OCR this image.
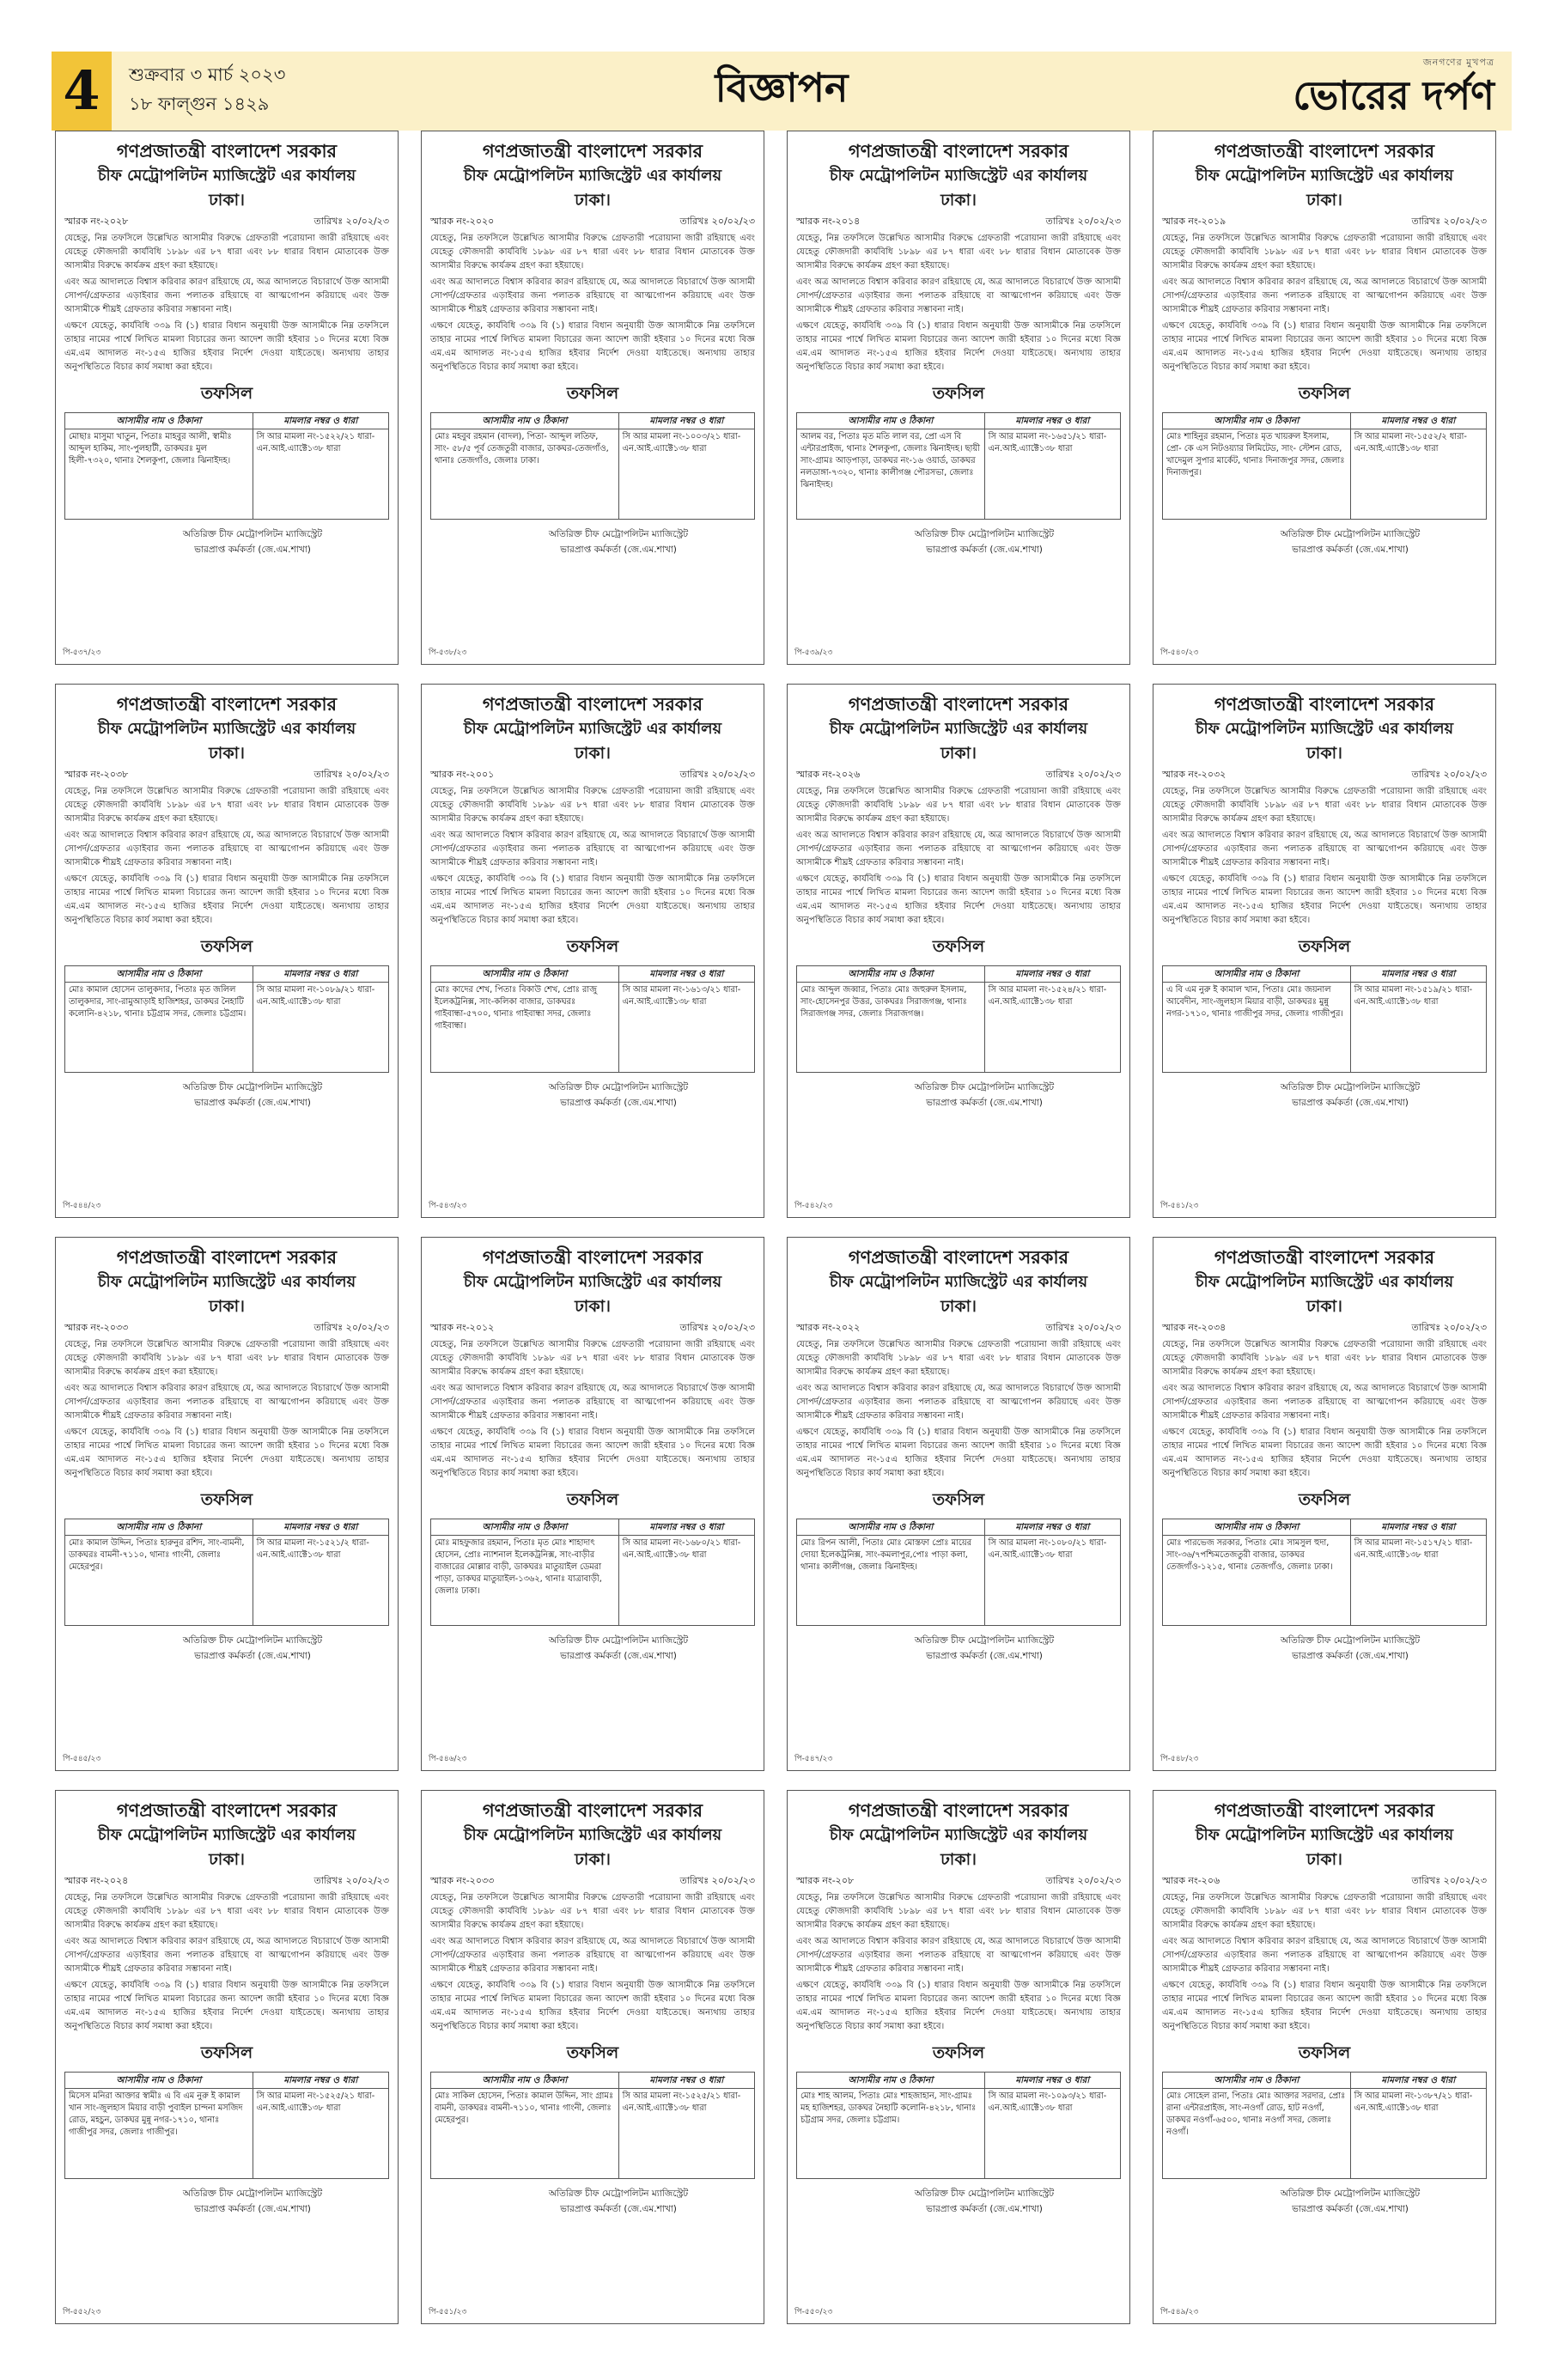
4	শুক্রবার ৩ মার্চ ২০২৩
১৮ ফাল্গুন ১৪২৯	বিজ্ঞাপন
জনগণের মুখপত্র
ভোরের দর্পণ
গণপ্রজাতন্ত্রী বাংলাদেশ সরকার
চীফ মেট্রোপলিটন ম্যাজিস্ট্রেট এর কার্যালয়
ঢাকা।
স্মারক নং-২০২৮	তারিখঃ ২০/০২/২৩

যেহেতু, নিম্ন তফসিলে উল্লেখিত আসামীর বিরুদ্ধে গ্রেফতারী পরোয়ানা জারী রহিয়াছে এবং যেহেতু ফৌজদারী কার্যবিধি ১৮৯৮ এর ৮৭ ধারা এবং ৮৮ ধারার বিধান মোতাবেক উক্ত আসামীর বিরুদ্ধে কার্যক্রম গ্রহণ করা হইয়াছে।

এবং অত্র আদালতে বিশ্বাস করিবার কারণ রহিয়াছে যে, অত্র আদালতে বিচারার্থে উক্ত আসামী সোপর্দ/গ্রেফতার এড়াইবার জন্য পলাতক রহিয়াছে বা আত্মগোপন করিয়াছে এবং উক্ত আসামীকে শীঘ্রই গ্রেফতার করিবার সম্ভাবনা নাই।

এক্ষণে যেহেতু, কার্যবিধি ৩৩৯ বি (১) ধারার বিধান অনুযায়ী উক্ত আসামীকে নিম্ন তফসিলে তাহার নামের পার্শ্বে লিখিত মামলা বিচারের জন্য আদেশ জারী হইবার ১০ দিনের মধ্যে বিজ্ঞ এম.এম আদালত নং-১৫এ হাজির হইবার নির্দেশ দেওয়া যাইতেছে। অন্যথায় তাহার অনুপস্থিতিতে বিচার কার্য সমাধা করা হইবে।

তফসিল
আসামীর নাম ও ঠিকানা	মামলার নম্বর ও ধারা
মোছাঃ মাসুমা খাতুন, পিতাঃ মাহবুর আলী, স্বামীঃ আব্দুল হাকিম, সাং-পুলহাটী, ডাকঘরঃ মুল হিলী-৭৩২০, থানাঃ শৈলকুপা, জেলাঃ ঝিনাইদহ।	সি আর মামলা নং-১৫২২/২১ ধারা-এন.আই.এ্যাক্টে১৩৮ ধারা
অতিরিক্ত চীফ মেট্রোপলিটন ম্যাজিস্ট্রেট
ভারপ্রাপ্ত কর্মকর্তা (জে.এম.শাখা)
পি-৫৩৭/২৩
গণপ্রজাতন্ত্রী বাংলাদেশ সরকার
চীফ মেট্রোপলিটন ম্যাজিস্ট্রেট এর কার্যালয়
ঢাকা।
স্মারক নং-২০২০	তারিখঃ ২০/০২/২৩

যেহেতু, নিম্ন তফসিলে উল্লেখিত আসামীর বিরুদ্ধে গ্রেফতারী পরোয়ানা জারী রহিয়াছে এবং যেহেতু ফৌজদারী কার্যবিধি ১৮৯৮ এর ৮৭ ধারা এবং ৮৮ ধারার বিধান মোতাবেক উক্ত আসামীর বিরুদ্ধে কার্যক্রম গ্রহণ করা হইয়াছে।

এবং অত্র আদালতে বিশ্বাস করিবার কারণ রহিয়াছে যে, অত্র আদালতে বিচারার্থে উক্ত আসামী সোপর্দ/গ্রেফতার এড়াইবার জন্য পলাতক রহিয়াছে বা আত্মগোপন করিয়াছে এবং উক্ত আসামীকে শীঘ্রই গ্রেফতার করিবার সম্ভাবনা নাই।

এক্ষণে যেহেতু, কার্যবিধি ৩৩৯ বি (১) ধারার বিধান অনুযায়ী উক্ত আসামীকে নিম্ন তফসিলে তাহার নামের পার্শ্বে লিখিত মামলা বিচারের জন্য আদেশ জারী হইবার ১০ দিনের মধ্যে বিজ্ঞ এম.এম আদালত নং-১৫এ হাজির হইবার নির্দেশ দেওয়া যাইতেছে। অন্যথায় তাহার অনুপস্থিতিতে বিচার কার্য সমাধা করা হইবে।

তফসিল
আসামীর নাম ও ঠিকানা	মামলার নম্বর ও ধারা
মোঃ মহবুব রহমান (বাদল), পিতা- আব্দুল লতিফ, সাং- ৫৮/৫ পূর্ব তেজতুরী বাজার, ডাকঘর-তেজগাঁও, থানাঃ তেজগাঁও, জেলাঃ ঢাকা।	সি আর মামলা নং-১০০৩/২১ ধারা-এন.আই.এ্যাক্টে১৩৮ ধারা
অতিরিক্ত চীফ মেট্রোপলিটন ম্যাজিস্ট্রেট
ভারপ্রাপ্ত কর্মকর্তা (জে.এম.শাখা)
পি-৫৩৮/২৩
গণপ্রজাতন্ত্রী বাংলাদেশ সরকার
চীফ মেট্রোপলিটন ম্যাজিস্ট্রেট এর কার্যালয়
ঢাকা।
স্মারক নং-২০১৪	তারিখঃ ২০/০২/২৩

যেহেতু, নিম্ন তফসিলে উল্লেখিত আসামীর বিরুদ্ধে গ্রেফতারী পরোয়ানা জারী রহিয়াছে এবং যেহেতু ফৌজদারী কার্যবিধি ১৮৯৮ এর ৮৭ ধারা এবং ৮৮ ধারার বিধান মোতাবেক উক্ত আসামীর বিরুদ্ধে কার্যক্রম গ্রহণ করা হইয়াছে।

এবং অত্র আদালতে বিশ্বাস করিবার কারণ রহিয়াছে যে, অত্র আদালতে বিচারার্থে উক্ত আসামী সোপর্দ/গ্রেফতার এড়াইবার জন্য পলাতক রহিয়াছে বা আত্মগোপন করিয়াছে এবং উক্ত আসামীকে শীঘ্রই গ্রেফতার করিবার সম্ভাবনা নাই।

এক্ষণে যেহেতু, কার্যবিধি ৩৩৯ বি (১) ধারার বিধান অনুযায়ী উক্ত আসামীকে নিম্ন তফসিলে তাহার নামের পার্শ্বে লিখিত মামলা বিচারের জন্য আদেশ জারী হইবার ১০ দিনের মধ্যে বিজ্ঞ এম.এম আদালত নং-১৫এ হাজির হইবার নির্দেশ দেওয়া যাইতেছে। অন্যথায় তাহার অনুপস্থিতিতে বিচার কার্য সমাধা করা হইবে।

তফসিল
আসামীর নাম ও ঠিকানা	মামলার নম্বর ও ধারা
আলম বর, পিতাঃ মৃত মতি লাল বর, প্রো এস বি এন্টারপ্রাইজ, থানাঃ শৈলকুপা, জেলাঃ ঝিনাইদহ। ছায়ী সাং-গ্রামঃ আড়পাড়া, ডাকঘর নং-১৬ ওয়ার্ড, ডাকঘর নলডাঙ্গা-৭৩২০, থানাঃ কালীগঞ্জ পৌরসভা, জেলাঃ ঝিনাইদহ।	সি আর মামলা নং-১৬৫১/২১ ধারা-এন.আই.এ্যাক্টে১৩৮ ধারা
অতিরিক্ত চীফ মেট্রোপলিটন ম্যাজিস্ট্রেট
ভারপ্রাপ্ত কর্মকর্তা (জে.এম.শাখা)
পি-৫৩৯/২৩
গণপ্রজাতন্ত্রী বাংলাদেশ সরকার
চীফ মেট্রোপলিটন ম্যাজিস্ট্রেট এর কার্যালয়
ঢাকা।
স্মারক নং-২০১৯	তারিখঃ ২০/০২/২৩

যেহেতু, নিম্ন তফসিলে উল্লেখিত আসামীর বিরুদ্ধে গ্রেফতারী পরোয়ানা জারী রহিয়াছে এবং যেহেতু ফৌজদারী কার্যবিধি ১৮৯৮ এর ৮৭ ধারা এবং ৮৮ ধারার বিধান মোতাবেক উক্ত আসামীর বিরুদ্ধে কার্যক্রম গ্রহণ করা হইয়াছে।

এবং অত্র আদালতে বিশ্বাস করিবার কারণ রহিয়াছে যে, অত্র আদালতে বিচারার্থে উক্ত আসামী সোপর্দ/গ্রেফতার এড়াইবার জন্য পলাতক রহিয়াছে বা আত্মগোপন করিয়াছে এবং উক্ত আসামীকে শীঘ্রই গ্রেফতার করিবার সম্ভাবনা নাই।

এক্ষণে যেহেতু, কার্যবিধি ৩৩৯ বি (১) ধারার বিধান অনুযায়ী উক্ত আসামীকে নিম্ন তফসিলে তাহার নামের পার্শ্বে লিখিত মামলা বিচারের জন্য আদেশ জারী হইবার ১০ দিনের মধ্যে বিজ্ঞ এম.এম আদালত নং-১৫এ হাজির হইবার নির্দেশ দেওয়া যাইতেছে। অন্যথায় তাহার অনুপস্থিতিতে বিচার কার্য সমাধা করা হইবে।

তফসিল
আসামীর নাম ও ঠিকানা	মামলার নম্বর ও ধারা
মোঃ শাহিনুর রহমান, পিতাঃ মৃত খায়রুল ইসলাম, প্রো- কে এস নিটওয়্যার লিমিটেড, সাং- স্টেশন রোড, খাদেমুল সুপার মার্কেট, থানাঃ দিনাজপুর সদর, জেলাঃ দিনাজপুর।	সি আর মামলা নং-১৫৫২/২ ধারা-এন.আই.এ্যাক্টে১৩৮ ধারা
অতিরিক্ত চীফ মেট্রোপলিটন ম্যাজিস্ট্রেট
ভারপ্রাপ্ত কর্মকর্তা (জে.এম.শাখা)
পি-৫৪০/২৩
গণপ্রজাতন্ত্রী বাংলাদেশ সরকার
চীফ মেট্রোপলিটন ম্যাজিস্ট্রেট এর কার্যালয়
ঢাকা।
স্মারক নং-২০৩৮	তারিখঃ ২০/০২/২৩

যেহেতু, নিম্ন তফসিলে উল্লেখিত আসামীর বিরুদ্ধে গ্রেফতারী পরোয়ানা জারী রহিয়াছে এবং যেহেতু ফৌজদারী কার্যবিধি ১৮৯৮ এর ৮৭ ধারা এবং ৮৮ ধারার বিধান মোতাবেক উক্ত আসামীর বিরুদ্ধে কার্যক্রম গ্রহণ করা হইয়াছে।

এবং অত্র আদালতে বিশ্বাস করিবার কারণ রহিয়াছে যে, অত্র আদালতে বিচারার্থে উক্ত আসামী সোপর্দ/গ্রেফতার এড়াইবার জন্য পলাতক রহিয়াছে বা আত্মগোপন করিয়াছে এবং উক্ত আসামীকে শীঘ্রই গ্রেফতার করিবার সম্ভাবনা নাই।

এক্ষণে যেহেতু, কার্যবিধি ৩৩৯ বি (১) ধারার বিধান অনুযায়ী উক্ত আসামীকে নিম্ন তফসিলে তাহার নামের পার্শ্বে লিখিত মামলা বিচারের জন্য আদেশ জারী হইবার ১০ দিনের মধ্যে বিজ্ঞ এম.এম আদালত নং-১৫এ হাজির হইবার নির্দেশ দেওয়া যাইতেছে। অন্যথায় তাহার অনুপস্থিতিতে বিচার কার্য সমাধা করা হইবে।

তফসিল
আসামীর নাম ও ঠিকানা	মামলার নম্বর ও ধারা
মোঃ কামাল হোসেন তালুকদার, পিতাঃ মৃত জলিল তালুকদার, সাং-রামুআড়াই হাজিশহর, ডাকঘর নৈহাটি কলোনি-৪২১৮, থানাঃ চট্টগ্রাম সদর, জেলাঃ চট্টগ্রাম।	সি আর মামলা নং-১০৮৯/২১ ধারা-এন.আই.এ্যাক্টে১৩৮ ধারা
অতিরিক্ত চীফ মেট্রোপলিটন ম্যাজিস্ট্রেট
ভারপ্রাপ্ত কর্মকর্তা (জে.এম.শাখা)
পি-৫৪৪/২৩
গণপ্রজাতন্ত্রী বাংলাদেশ সরকার
চীফ মেট্রোপলিটন ম্যাজিস্ট্রেট এর কার্যালয়
ঢাকা।
স্মারক নং-২০০১	তারিখঃ ২০/০২/২৩

যেহেতু, নিম্ন তফসিলে উল্লেখিত আসামীর বিরুদ্ধে গ্রেফতারী পরোয়ানা জারী রহিয়াছে এবং যেহেতু ফৌজদারী কার্যবিধি ১৮৯৮ এর ৮৭ ধারা এবং ৮৮ ধারার বিধান মোতাবেক উক্ত আসামীর বিরুদ্ধে কার্যক্রম গ্রহণ করা হইয়াছে।

এবং অত্র আদালতে বিশ্বাস করিবার কারণ রহিয়াছে যে, অত্র আদালতে বিচারার্থে উক্ত আসামী সোপর্দ/গ্রেফতার এড়াইবার জন্য পলাতক রহিয়াছে বা আত্মগোপন করিয়াছে এবং উক্ত আসামীকে শীঘ্রই গ্রেফতার করিবার সম্ভাবনা নাই।

এক্ষণে যেহেতু, কার্যবিধি ৩৩৯ বি (১) ধারার বিধান অনুযায়ী উক্ত আসামীকে নিম্ন তফসিলে তাহার নামের পার্শ্বে লিখিত মামলা বিচারের জন্য আদেশ জারী হইবার ১০ দিনের মধ্যে বিজ্ঞ এম.এম আদালত নং-১৫এ হাজির হইবার নির্দেশ দেওয়া যাইতেছে। অন্যথায় তাহার অনুপস্থিতিতে বিচার কার্য সমাধা করা হইবে।

তফসিল
আসামীর নাম ও ঠিকানা	মামলার নম্বর ও ধারা
মোঃ কাদের শেখ, পিতাঃ বিকাউ শেখ, প্রোঃ রাজু ইলেকট্রনিক্স, সাং-কলিকা বাজার, ডাকঘরঃ গাইবান্ধা-৫৭০০, থানাঃ গাইবান্ধা সদর, জেলাঃ গাইবান্ধা।	সি আর মামলা নং-১৬১৩/২১ ধারা-এন.আই.এ্যাক্টে১৩৮ ধারা
অতিরিক্ত চীফ মেট্রোপলিটন ম্যাজিস্ট্রেট
ভারপ্রাপ্ত কর্মকর্তা (জে.এম.শাখা)
পি-৫৪৩/২৩
গণপ্রজাতন্ত্রী বাংলাদেশ সরকার
চীফ মেট্রোপলিটন ম্যাজিস্ট্রেট এর কার্যালয়
ঢাকা।
স্মারক নং-২০২৬	তারিখঃ ২০/০২/২৩

যেহেতু, নিম্ন তফসিলে উল্লেখিত আসামীর বিরুদ্ধে গ্রেফতারী পরোয়ানা জারী রহিয়াছে এবং যেহেতু ফৌজদারী কার্যবিধি ১৮৯৮ এর ৮৭ ধারা এবং ৮৮ ধারার বিধান মোতাবেক উক্ত আসামীর বিরুদ্ধে কার্যক্রম গ্রহণ করা হইয়াছে।

এবং অত্র আদালতে বিশ্বাস করিবার কারণ রহিয়াছে যে, অত্র আদালতে বিচারার্থে উক্ত আসামী সোপর্দ/গ্রেফতার এড়াইবার জন্য পলাতক রহিয়াছে বা আত্মগোপন করিয়াছে এবং উক্ত আসামীকে শীঘ্রই গ্রেফতার করিবার সম্ভাবনা নাই।

এক্ষণে যেহেতু, কার্যবিধি ৩৩৯ বি (১) ধারার বিধান অনুযায়ী উক্ত আসামীকে নিম্ন তফসিলে তাহার নামের পার্শ্বে লিখিত মামলা বিচারের জন্য আদেশ জারী হইবার ১০ দিনের মধ্যে বিজ্ঞ এম.এম আদালত নং-১৫এ হাজির হইবার নির্দেশ দেওয়া যাইতেছে। অন্যথায় তাহার অনুপস্থিতিতে বিচার কার্য সমাধা করা হইবে।

তফসিল
আসামীর নাম ও ঠিকানা	মামলার নম্বর ও ধারা
মোঃ আব্দুল জব্বার, পিতাঃ মোঃ জহুরুল ইসলাম, সাং-হোসেনপুর উত্তর, ডাকঘরঃ সিরাজগঞ্জ, থানাঃ সিরাজগঞ্জ সদর, জেলাঃ সিরাজগঞ্জ।	সি আর মামলা নং-১৫২৪/২১ ধারা-এন.আই.এ্যাক্টে১৩৮ ধারা
অতিরিক্ত চীফ মেট্রোপলিটন ম্যাজিস্ট্রেট
ভারপ্রাপ্ত কর্মকর্তা (জে.এম.শাখা)
পি-৫৪২/২৩
গণপ্রজাতন্ত্রী বাংলাদেশ সরকার
চীফ মেট্রোপলিটন ম্যাজিস্ট্রেট এর কার্যালয়
ঢাকা।
স্মারক নং-২০৩২	তারিখঃ ২০/০২/২৩

যেহেতু, নিম্ন তফসিলে উল্লেখিত আসামীর বিরুদ্ধে গ্রেফতারী পরোয়ানা জারী রহিয়াছে এবং যেহেতু ফৌজদারী কার্যবিধি ১৮৯৮ এর ৮৭ ধারা এবং ৮৮ ধারার বিধান মোতাবেক উক্ত আসামীর বিরুদ্ধে কার্যক্রম গ্রহণ করা হইয়াছে।

এবং অত্র আদালতে বিশ্বাস করিবার কারণ রহিয়াছে যে, অত্র আদালতে বিচারার্থে উক্ত আসামী সোপর্দ/গ্রেফতার এড়াইবার জন্য পলাতক রহিয়াছে বা আত্মগোপন করিয়াছে এবং উক্ত আসামীকে শীঘ্রই গ্রেফতার করিবার সম্ভাবনা নাই।

এক্ষণে যেহেতু, কার্যবিধি ৩৩৯ বি (১) ধারার বিধান অনুযায়ী উক্ত আসামীকে নিম্ন তফসিলে তাহার নামের পার্শ্বে লিখিত মামলা বিচারের জন্য আদেশ জারী হইবার ১০ দিনের মধ্যে বিজ্ঞ এম.এম আদালত নং-১৫এ হাজির হইবার নির্দেশ দেওয়া যাইতেছে। অন্যথায় তাহার অনুপস্থিতিতে বিচার কার্য সমাধা করা হইবে।

তফসিল
আসামীর নাম ও ঠিকানা	মামলার নম্বর ও ধারা
এ বি এম নুরু ই কামাল খান, পিতাঃ মোঃ জয়নাল আবেদীন, সাং-জুলহাস মিয়ার বাড়ী, ডাকঘরঃ মুন্নু নগর-১৭১০, থানাঃ গাজীপুর সদর, জেলাঃ গাজীপুর।	সি আর মামলা নং-১৫১৯/২১ ধারা-এন.আই.এ্যাক্টে১৩৮ ধারা
অতিরিক্ত চীফ মেট্রোপলিটন ম্যাজিস্ট্রেট
ভারপ্রাপ্ত কর্মকর্তা (জে.এম.শাখা)
পি-৫৪১/২৩
গণপ্রজাতন্ত্রী বাংলাদেশ সরকার
চীফ মেট্রোপলিটন ম্যাজিস্ট্রেট এর কার্যালয়
ঢাকা।
স্মারক নং-২০৩৩	তারিখঃ ২০/০২/২৩

যেহেতু, নিম্ন তফসিলে উল্লেখিত আসামীর বিরুদ্ধে গ্রেফতারী পরোয়ানা জারী রহিয়াছে এবং যেহেতু ফৌজদারী কার্যবিধি ১৮৯৮ এর ৮৭ ধারা এবং ৮৮ ধারার বিধান মোতাবেক উক্ত আসামীর বিরুদ্ধে কার্যক্রম গ্রহণ করা হইয়াছে।

এবং অত্র আদালতে বিশ্বাস করিবার কারণ রহিয়াছে যে, অত্র আদালতে বিচারার্থে উক্ত আসামী সোপর্দ/গ্রেফতার এড়াইবার জন্য পলাতক রহিয়াছে বা আত্মগোপন করিয়াছে এবং উক্ত আসামীকে শীঘ্রই গ্রেফতার করিবার সম্ভাবনা নাই।

এক্ষণে যেহেতু, কার্যবিধি ৩৩৯ বি (১) ধারার বিধান অনুযায়ী উক্ত আসামীকে নিম্ন তফসিলে তাহার নামের পার্শ্বে লিখিত মামলা বিচারের জন্য আদেশ জারী হইবার ১০ দিনের মধ্যে বিজ্ঞ এম.এম আদালত নং-১৫এ হাজির হইবার নির্দেশ দেওয়া যাইতেছে। অন্যথায় তাহার অনুপস্থিতিতে বিচার কার্য সমাধা করা হইবে।

তফসিল
আসামীর নাম ও ঠিকানা	মামলার নম্বর ও ধারা
মোঃ কামাল উদ্দিন, পিতাঃ হারুনুর রশিদ, সাং-বামনী, ডাকঘরঃ বামনী-৭১১০, থানাঃ গাংনী, জেলাঃ মেহেরপুর।	সি আর মামলা নং-১৫২১/২ ধারা-এন.আই.এ্যাক্টে১৩৮ ধারা
অতিরিক্ত চীফ মেট্রোপলিটন ম্যাজিস্ট্রেট
ভারপ্রাপ্ত কর্মকর্তা (জে.এম.শাখা)
পি-৫৪৫/২৩
গণপ্রজাতন্ত্রী বাংলাদেশ সরকার
চীফ মেট্রোপলিটন ম্যাজিস্ট্রেট এর কার্যালয়
ঢাকা।
স্মারক নং-২০১২	তারিখঃ ২০/০২/২৩

যেহেতু, নিম্ন তফসিলে উল্লেখিত আসামীর বিরুদ্ধে গ্রেফতারী পরোয়ানা জারী রহিয়াছে এবং যেহেতু ফৌজদারী কার্যবিধি ১৮৯৮ এর ৮৭ ধারা এবং ৮৮ ধারার বিধান মোতাবেক উক্ত আসামীর বিরুদ্ধে কার্যক্রম গ্রহণ করা হইয়াছে।

এবং অত্র আদালতে বিশ্বাস করিবার কারণ রহিয়াছে যে, অত্র আদালতে বিচারার্থে উক্ত আসামী সোপর্দ/গ্রেফতার এড়াইবার জন্য পলাতক রহিয়াছে বা আত্মগোপন করিয়াছে এবং উক্ত আসামীকে শীঘ্রই গ্রেফতার করিবার সম্ভাবনা নাই।

এক্ষণে যেহেতু, কার্যবিধি ৩৩৯ বি (১) ধারার বিধান অনুযায়ী উক্ত আসামীকে নিম্ন তফসিলে তাহার নামের পার্শ্বে লিখিত মামলা বিচারের জন্য আদেশ জারী হইবার ১০ দিনের মধ্যে বিজ্ঞ এম.এম আদালত নং-১৫এ হাজির হইবার নির্দেশ দেওয়া যাইতেছে। অন্যথায় তাহার অনুপস্থিতিতে বিচার কার্য সমাধা করা হইবে।

তফসিল
আসামীর নাম ও ঠিকানা	মামলার নম্বর ও ধারা
মোঃ মাহফুজার রহমান, পিতাঃ মৃত মোঃ শাহাদাৎ হোসেন, প্রোঃ ন্যাশনাল ইলেকট্রনিক্স, সাং-বাড়ীর বাজারের মোল্লার বাড়ী, ডাকঘরঃ মাতুয়াইল ডেমরা পাড়া, ডাকঘর মাতুয়াইল-১৩৬২, থানাঃ যাত্রাবাড়ী, জেলাঃ ঢাকা।	সি আর মামলা নং-১৬৮০/২১ ধারা-এন.আই.এ্যাক্টে১৩৮ ধারা
অতিরিক্ত চীফ মেট্রোপলিটন ম্যাজিস্ট্রেট
ভারপ্রাপ্ত কর্মকর্তা (জে.এম.শাখা)
পি-৫৪৬/২৩
গণপ্রজাতন্ত্রী বাংলাদেশ সরকার
চীফ মেট্রোপলিটন ম্যাজিস্ট্রেট এর কার্যালয়
ঢাকা।
স্মারক নং-২০২২	তারিখঃ ২০/০২/২৩

যেহেতু, নিম্ন তফসিলে উল্লেখিত আসামীর বিরুদ্ধে গ্রেফতারী পরোয়ানা জারী রহিয়াছে এবং যেহেতু ফৌজদারী কার্যবিধি ১৮৯৮ এর ৮৭ ধারা এবং ৮৮ ধারার বিধান মোতাবেক উক্ত আসামীর বিরুদ্ধে কার্যক্রম গ্রহণ করা হইয়াছে।

এবং অত্র আদালতে বিশ্বাস করিবার কারণ রহিয়াছে যে, অত্র আদালতে বিচারার্থে উক্ত আসামী সোপর্দ/গ্রেফতার এড়াইবার জন্য পলাতক রহিয়াছে বা আত্মগোপন করিয়াছে এবং উক্ত আসামীকে শীঘ্রই গ্রেফতার করিবার সম্ভাবনা নাই।

এক্ষণে যেহেতু, কার্যবিধি ৩৩৯ বি (১) ধারার বিধান অনুযায়ী উক্ত আসামীকে নিম্ন তফসিলে তাহার নামের পার্শ্বে লিখিত মামলা বিচারের জন্য আদেশ জারী হইবার ১০ দিনের মধ্যে বিজ্ঞ এম.এম আদালত নং-১৫এ হাজির হইবার নির্দেশ দেওয়া যাইতেছে। অন্যথায় তাহার অনুপস্থিতিতে বিচার কার্য সমাধা করা হইবে।

তফসিল
আসামীর নাম ও ঠিকানা	মামলার নম্বর ও ধারা
মোঃ রিপন আলী, পিতাঃ মোঃ মোস্তফা প্রোঃ মায়ের দোয়া ইলেকট্রনিক্স, সাং-কমলাপুর,পোঃ পাড়া কলা, থানাঃ কালীগঞ্জ, জেলাঃ ঝিনাইদহ।	সি আর মামলা নং-১০৮০/২১ ধারা-এন.আই.এ্যাক্টে১৩৮ ধারা
অতিরিক্ত চীফ মেট্রোপলিটন ম্যাজিস্ট্রেট
ভারপ্রাপ্ত কর্মকর্তা (জে.এম.শাখা)
পি-৫৪৭/২৩
গণপ্রজাতন্ত্রী বাংলাদেশ সরকার
চীফ মেট্রোপলিটন ম্যাজিস্ট্রেট এর কার্যালয়
ঢাকা।
স্মারক নং-২০৩৪	তারিখঃ ২০/০২/২৩

যেহেতু, নিম্ন তফসিলে উল্লেখিত আসামীর বিরুদ্ধে গ্রেফতারী পরোয়ানা জারী রহিয়াছে এবং যেহেতু ফৌজদারী কার্যবিধি ১৮৯৮ এর ৮৭ ধারা এবং ৮৮ ধারার বিধান মোতাবেক উক্ত আসামীর বিরুদ্ধে কার্যক্রম গ্রহণ করা হইয়াছে।

এবং অত্র আদালতে বিশ্বাস করিবার কারণ রহিয়াছে যে, অত্র আদালতে বিচারার্থে উক্ত আসামী সোপর্দ/গ্রেফতার এড়াইবার জন্য পলাতক রহিয়াছে বা আত্মগোপন করিয়াছে এবং উক্ত আসামীকে শীঘ্রই গ্রেফতার করিবার সম্ভাবনা নাই।

এক্ষণে যেহেতু, কার্যবিধি ৩৩৯ বি (১) ধারার বিধান অনুযায়ী উক্ত আসামীকে নিম্ন তফসিলে তাহার নামের পার্শ্বে লিখিত মামলা বিচারের জন্য আদেশ জারী হইবার ১০ দিনের মধ্যে বিজ্ঞ এম.এম আদালত নং-১৫এ হাজির হইবার নির্দেশ দেওয়া যাইতেছে। অন্যথায় তাহার অনুপস্থিতিতে বিচার কার্য সমাধা করা হইবে।

তফসিল
আসামীর নাম ও ঠিকানা	মামলার নম্বর ও ধারা
মোঃ পারভেজ সরকার, পিতাঃ মোঃ সামসুল হুদা, সাং-৩৬/৭পশ্চিমতেজতুরী বাজার, ডাকঘর তেজগাঁও-১২১৫, থানাঃ তেজগাঁও, জেলাঃ ঢাকা।	সি আর মামলা নং-১৫১৭/২১ ধারা-এন.আই.এ্যাক্টে১৩৮ ধারা
অতিরিক্ত চীফ মেট্রোপলিটন ম্যাজিস্ট্রেট
ভারপ্রাপ্ত কর্মকর্তা (জে.এম.শাখা)
পি-৫৪৮/২৩
গণপ্রজাতন্ত্রী বাংলাদেশ সরকার
চীফ মেট্রোপলিটন ম্যাজিস্ট্রেট এর কার্যালয়
ঢাকা।
স্মারক নং-২০২৪	তারিখঃ ২০/০২/২৩

যেহেতু, নিম্ন তফসিলে উল্লেখিত আসামীর বিরুদ্ধে গ্রেফতারী পরোয়ানা জারী রহিয়াছে এবং যেহেতু ফৌজদারী কার্যবিধি ১৮৯৮ এর ৮৭ ধারা এবং ৮৮ ধারার বিধান মোতাবেক উক্ত আসামীর বিরুদ্ধে কার্যক্রম গ্রহণ করা হইয়াছে।

এবং অত্র আদালতে বিশ্বাস করিবার কারণ রহিয়াছে যে, অত্র আদালতে বিচারার্থে উক্ত আসামী সোপর্দ/গ্রেফতার এড়াইবার জন্য পলাতক রহিয়াছে বা আত্মগোপন করিয়াছে এবং উক্ত আসামীকে শীঘ্রই গ্রেফতার করিবার সম্ভাবনা নাই।

এক্ষণে যেহেতু, কার্যবিধি ৩৩৯ বি (১) ধারার বিধান অনুযায়ী উক্ত আসামীকে নিম্ন তফসিলে তাহার নামের পার্শ্বে লিখিত মামলা বিচারের জন্য আদেশ জারী হইবার ১০ দিনের মধ্যে বিজ্ঞ এম.এম আদালত নং-১৫এ হাজির হইবার নির্দেশ দেওয়া যাইতেছে। অন্যথায় তাহার অনুপস্থিতিতে বিচার কার্য সমাধা করা হইবে।

তফসিল
আসামীর নাম ও ঠিকানা	মামলার নম্বর ও ধারা
মিসেস মনিরা আক্তার স্বামীঃ এ বি এম নুরু ই কামাল খান সাং-জুলহাস মিয়ার বাড়ী পুবাইল চান্দনা মসজিদ রোড, মহচুন, ডাকঘর মুন্নু নগর-১৭১০, থানাঃ গাজীপুর সদর, জেলাঃ গাজীপুর।	সি আর মামলা নং-১৫২৫/২১ ধারা-এন.আই.এ্যাক্টে১৩৮ ধারা
অতিরিক্ত চীফ মেট্রোপলিটন ম্যাজিস্ট্রেট
ভারপ্রাপ্ত কর্মকর্তা (জে.এম.শাখা)
পি-৫৫২/২৩
গণপ্রজাতন্ত্রী বাংলাদেশ সরকার
চীফ মেট্রোপলিটন ম্যাজিস্ট্রেট এর কার্যালয়
ঢাকা।
স্মারক নং-২০৩৩	তারিখঃ ২০/০২/২৩

যেহেতু, নিম্ন তফসিলে উল্লেখিত আসামীর বিরুদ্ধে গ্রেফতারী পরোয়ানা জারী রহিয়াছে এবং যেহেতু ফৌজদারী কার্যবিধি ১৮৯৮ এর ৮৭ ধারা এবং ৮৮ ধারার বিধান মোতাবেক উক্ত আসামীর বিরুদ্ধে কার্যক্রম গ্রহণ করা হইয়াছে।

এবং অত্র আদালতে বিশ্বাস করিবার কারণ রহিয়াছে যে, অত্র আদালতে বিচারার্থে উক্ত আসামী সোপর্দ/গ্রেফতার এড়াইবার জন্য পলাতক রহিয়াছে বা আত্মগোপন করিয়াছে এবং উক্ত আসামীকে শীঘ্রই গ্রেফতার করিবার সম্ভাবনা নাই।

এক্ষণে যেহেতু, কার্যবিধি ৩৩৯ বি (১) ধারার বিধান অনুযায়ী উক্ত আসামীকে নিম্ন তফসিলে তাহার নামের পার্শ্বে লিখিত মামলা বিচারের জন্য আদেশ জারী হইবার ১০ দিনের মধ্যে বিজ্ঞ এম.এম আদালত নং-১৫এ হাজির হইবার নির্দেশ দেওয়া যাইতেছে। অন্যথায় তাহার অনুপস্থিতিতে বিচার কার্য সমাধা করা হইবে।

তফসিল
আসামীর নাম ও ঠিকানা	মামলার নম্বর ও ধারা
মোঃ সাকিল হোসেন, পিতাঃ কামাল উদ্দিন, সাং গ্রামঃ বামনী, ডাকঘরঃ বামনী-৭১১০, থানাঃ গাংনী, জেলাঃ মেহেরপুর।	সি আর মামলা নং-১৫২৫/২১ ধারা-এন.আই.এ্যাক্টে১৩৮ ধারা
অতিরিক্ত চীফ মেট্রোপলিটন ম্যাজিস্ট্রেট
ভারপ্রাপ্ত কর্মকর্তা (জে.এম.শাখা)
পি-৫৫১/২৩
গণপ্রজাতন্ত্রী বাংলাদেশ সরকার
চীফ মেট্রোপলিটন ম্যাজিস্ট্রেট এর কার্যালয়
ঢাকা।
স্মারক নং-২০৮	তারিখঃ ২০/০২/২৩

যেহেতু, নিম্ন তফসিলে উল্লেখিত আসামীর বিরুদ্ধে গ্রেফতারী পরোয়ানা জারী রহিয়াছে এবং যেহেতু ফৌজদারী কার্যবিধি ১৮৯৮ এর ৮৭ ধারা এবং ৮৮ ধারার বিধান মোতাবেক উক্ত আসামীর বিরুদ্ধে কার্যক্রম গ্রহণ করা হইয়াছে।

এবং অত্র আদালতে বিশ্বাস করিবার কারণ রহিয়াছে যে, অত্র আদালতে বিচারার্থে উক্ত আসামী সোপর্দ/গ্রেফতার এড়াইবার জন্য পলাতক রহিয়াছে বা আত্মগোপন করিয়াছে এবং উক্ত আসামীকে শীঘ্রই গ্রেফতার করিবার সম্ভাবনা নাই।

এক্ষণে যেহেতু, কার্যবিধি ৩৩৯ বি (১) ধারার বিধান অনুযায়ী উক্ত আসামীকে নিম্ন তফসিলে তাহার নামের পার্শ্বে লিখিত মামলা বিচারের জন্য আদেশ জারী হইবার ১০ দিনের মধ্যে বিজ্ঞ এম.এম আদালত নং-১৫এ হাজির হইবার নির্দেশ দেওয়া যাইতেছে। অন্যথায় তাহার অনুপস্থিতিতে বিচার কার্য সমাধা করা হইবে।

তফসিল
আসামীর নাম ও ঠিকানা	মামলার নম্বর ও ধারা
মোঃ শাহ আলম, পিতাঃ মোঃ শাহজাহান, সাং-গ্রামঃ মহ হাজিশহর, ডাকঘর নৈহাটি কলোনি-৪২১৮, থানাঃ চট্টগ্রাম সদর, জেলাঃ চট্টগ্রাম।	সি আর মামলা নং-১০৯৩/২১ ধারা-এন.আই.এ্যাক্টে১৩৮ ধারা
অতিরিক্ত চীফ মেট্রোপলিটন ম্যাজিস্ট্রেট
ভারপ্রাপ্ত কর্মকর্তা (জে.এম.শাখা)
পি-৫৫০/২৩
গণপ্রজাতন্ত্রী বাংলাদেশ সরকার
চীফ মেট্রোপলিটন ম্যাজিস্ট্রেট এর কার্যালয়
ঢাকা।
স্মারক নং-২০৬	তারিখঃ ২০/০২/২৩

যেহেতু, নিম্ন তফসিলে উল্লেখিত আসামীর বিরুদ্ধে গ্রেফতারী পরোয়ানা জারী রহিয়াছে এবং যেহেতু ফৌজদারী কার্যবিধি ১৮৯৮ এর ৮৭ ধারা এবং ৮৮ ধারার বিধান মোতাবেক উক্ত আসামীর বিরুদ্ধে কার্যক্রম গ্রহণ করা হইয়াছে।

এবং অত্র আদালতে বিশ্বাস করিবার কারণ রহিয়াছে যে, অত্র আদালতে বিচারার্থে উক্ত আসামী সোপর্দ/গ্রেফতার এড়াইবার জন্য পলাতক রহিয়াছে বা আত্মগোপন করিয়াছে এবং উক্ত আসামীকে শীঘ্রই গ্রেফতার করিবার সম্ভাবনা নাই।

এক্ষণে যেহেতু, কার্যবিধি ৩৩৯ বি (১) ধারার বিধান অনুযায়ী উক্ত আসামীকে নিম্ন তফসিলে তাহার নামের পার্শ্বে লিখিত মামলা বিচারের জন্য আদেশ জারী হইবার ১০ দিনের মধ্যে বিজ্ঞ এম.এম আদালত নং-১৫এ হাজির হইবার নির্দেশ দেওয়া যাইতেছে। অন্যথায় তাহার অনুপস্থিতিতে বিচার কার্য সমাধা করা হইবে।

তফসিল
আসামীর নাম ও ঠিকানা	মামলার নম্বর ও ধারা
মোঃ সোহেল রানা, পিতাঃ মোঃ আক্তার সরদার, প্রোঃ রানা এন্টারপ্রাইজ, সাং-নওগাঁ রোড, হাট নওগাঁ, ডাকঘর নওগাঁ-৬৫০০, থানাঃ নওগাঁ সদর, জেলাঃ নওগাঁ।	সি আর মামলা নং-১৩৮৭/২১ ধারা-এন.আই.এ্যাক্টে১৩৮ ধারা
অতিরিক্ত চীফ মেট্রোপলিটন ম্যাজিস্ট্রেট
ভারপ্রাপ্ত কর্মকর্তা (জে.এম.শাখা)
পি-৫৪৯/২৩
